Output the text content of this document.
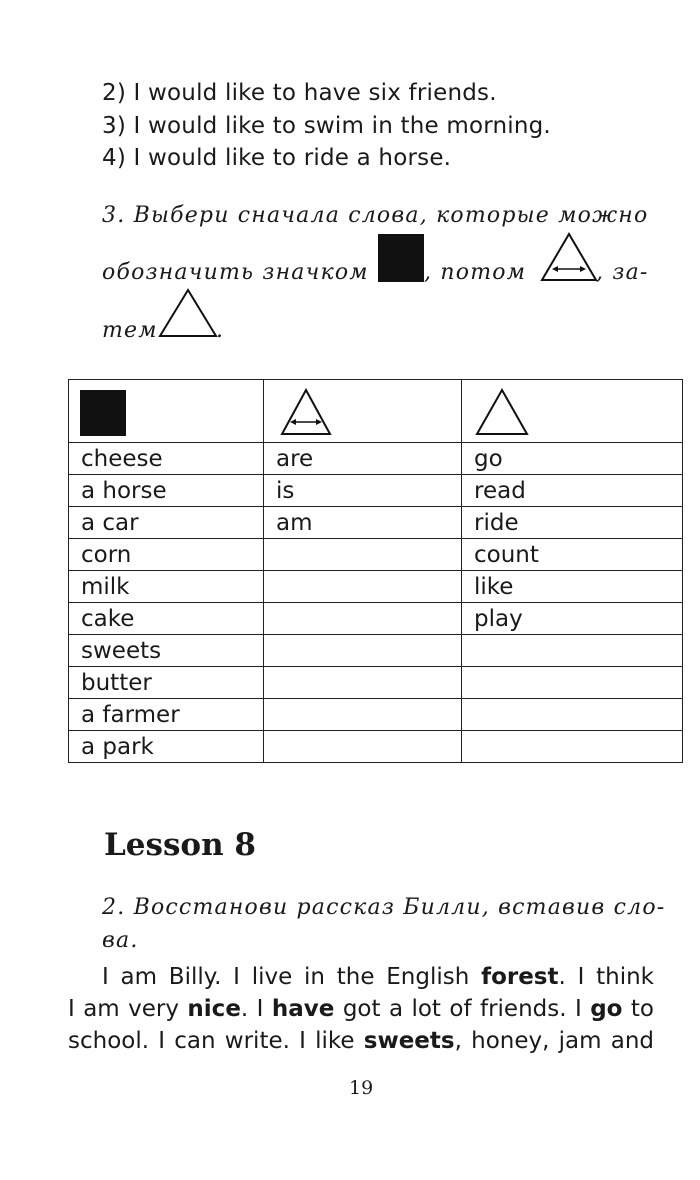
2) I would like to have six friends.
3) I would like to swim in the morning.
4) I would like to ride a horse.
3. Выбери сначала слова, которые можно
обозначить значком	, потом	, за-
тем	.

cheese	are	go
a horse	is	read
a car	am	ride
corn		count
milk		like
cake		play
sweets		
butter		
a farmer		
a park		
Lesson 8
2. Восстанови рассказ Билли, вставив сло-
ва.
I am Billy. I live in the English forest. I think
I am very nice. I have got a lot of friends. I go to
school. I can write. I like sweets, honey, jam and
19
